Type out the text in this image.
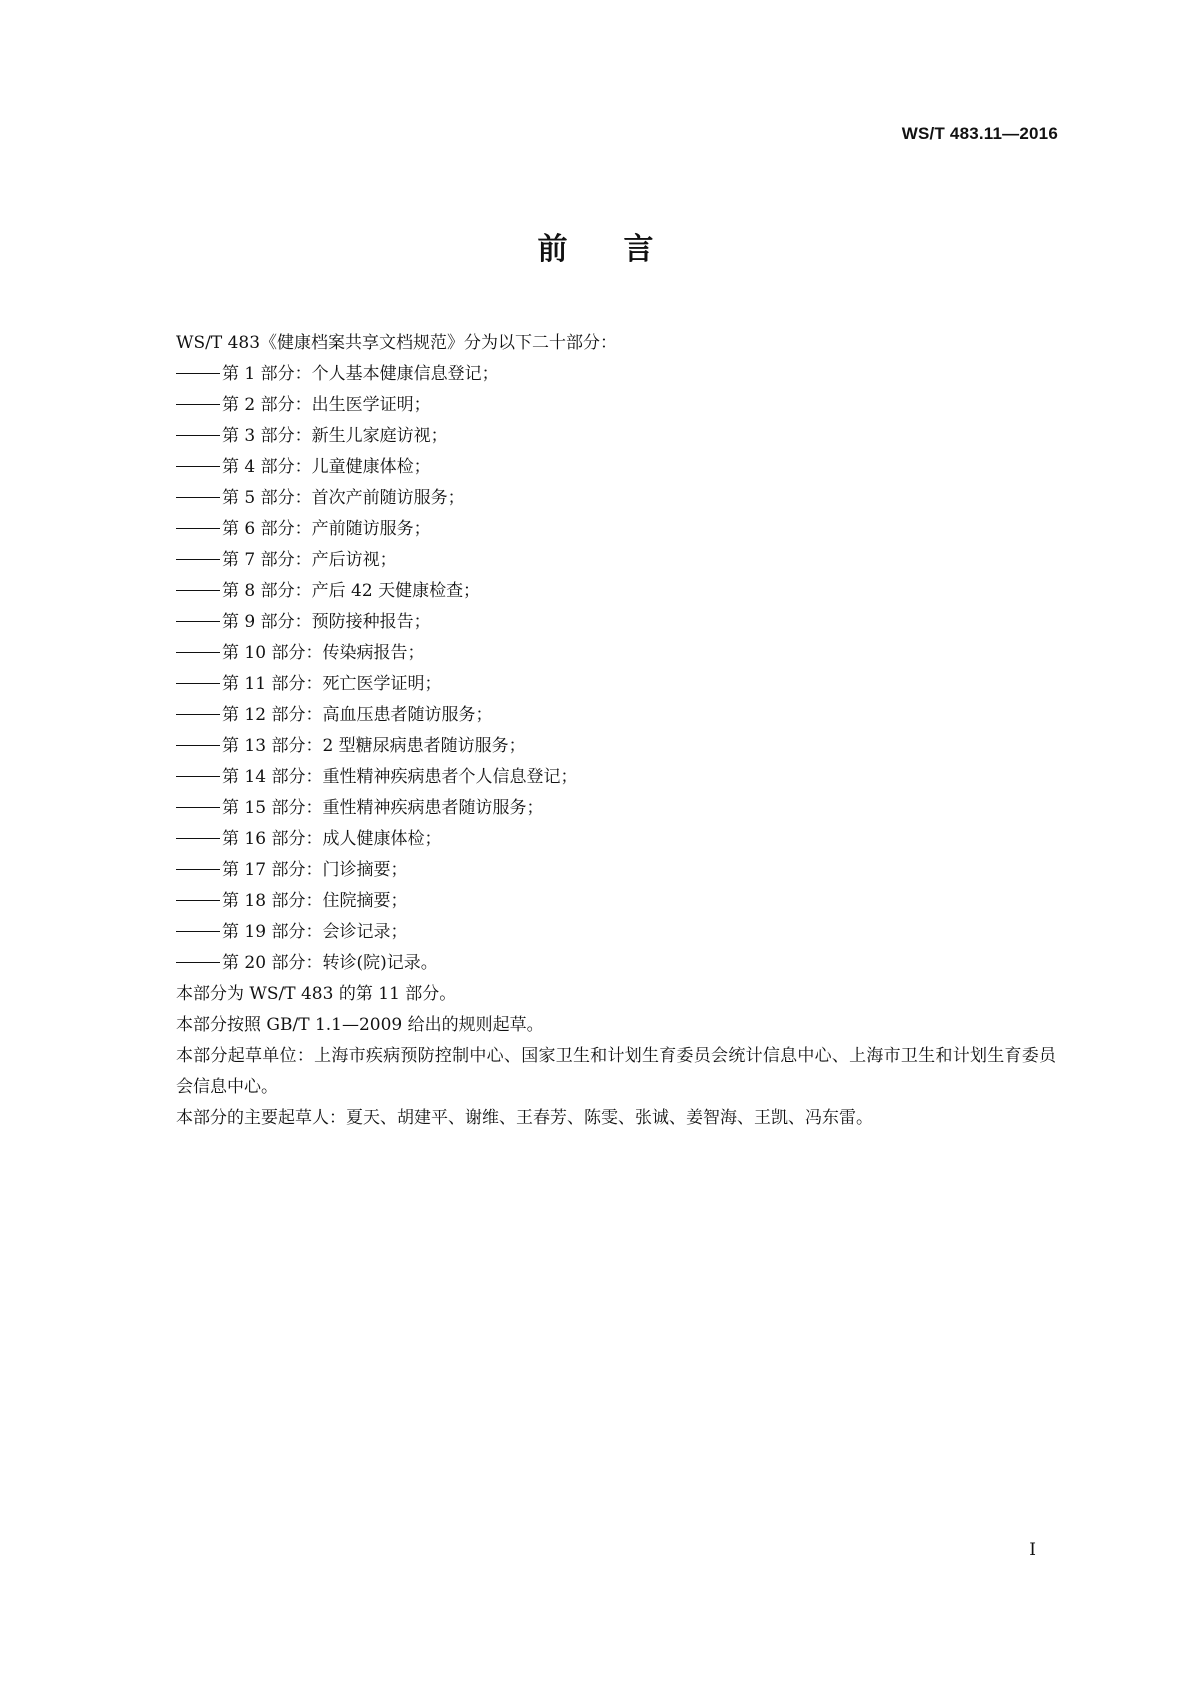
WS/T 483.11—2016
前言

WS/T 483《健康档案共享文档规范》分为以下二十部分：

第 1 部分：个人基本健康信息登记；

第 2 部分：出生医学证明；

第 3 部分：新生儿家庭访视；

第 4 部分：儿童健康体检；

第 5 部分：首次产前随访服务；

第 6 部分：产前随访服务；

第 7 部分：产后访视；

第 8 部分：产后 42 天健康检查；

第 9 部分：预防接种报告；

第 10 部分：传染病报告；

第 11 部分：死亡医学证明；

第 12 部分：高血压患者随访服务；

第 13 部分：2 型糖尿病患者随访服务；

第 14 部分：重性精神疾病患者个人信息登记；

第 15 部分：重性精神疾病患者随访服务；

第 16 部分：成人健康体检；

第 17 部分：门诊摘要；

第 18 部分：住院摘要；

第 19 部分：会诊记录；

第 20 部分：转诊(院)记录。

本部分为 WS/T 483 的第 11 部分。

本部分按照 GB/T 1.1—2009 给出的规则起草。

本部分起草单位：上海市疾病预防控制中心、国家卫生和计划生育委员会统计信息中心、上海市卫生和计划生育委员会信息中心。

本部分的主要起草人：夏天、胡建平、谢维、王春芳、陈雯、张诚、姜智海、王凯、冯东雷。

I
